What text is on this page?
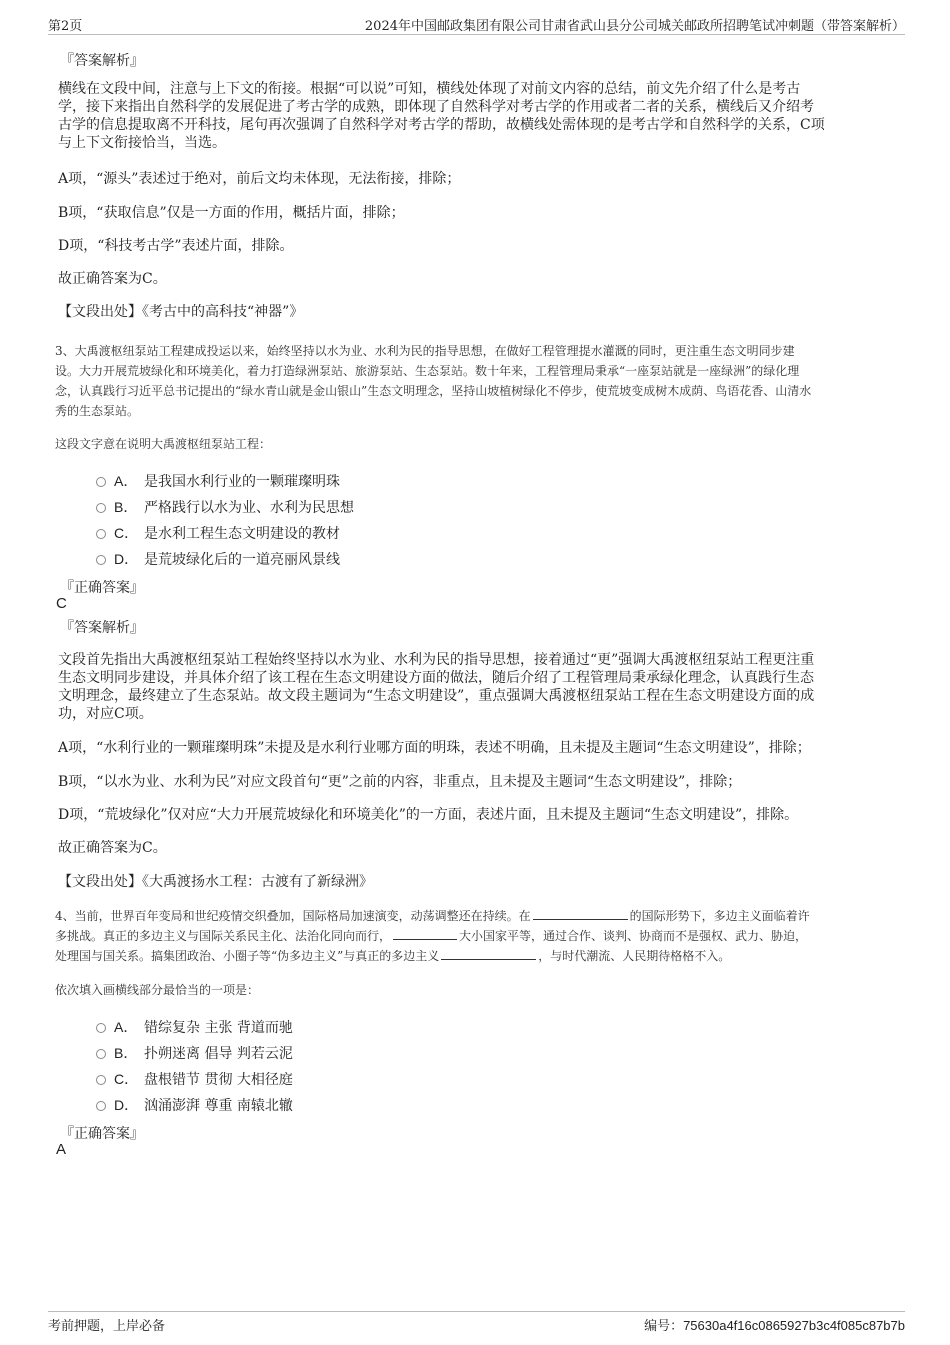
第2页	2024年中国邮政集团有限公司甘肃省武山县分公司城关邮政所招聘笔试冲刺题（带答案解析）
『答案解析』
横线在文段中间，注意与上下文的衔接。根据“可以说”可知，横线处体现了对前文内容的总结，前文先介绍了什么是考古
学，接下来指出自然科学的发展促进了考古学的成熟，即体现了自然科学对考古学的作用或者二者的关系，横线后又介绍考
古学的信息提取离不开科技，尾句再次强调了自然科学对考古学的帮助，故横线处需体现的是考古学和自然科学的关系，C项
与上下文衔接恰当，当选。
A项，“源头”表述过于绝对，前后文均未体现，无法衔接，排除；
B项，“获取信息”仅是一方面的作用，概括片面，排除；
D项，“科技考古学”表述片面，排除。
故正确答案为C。
【文段出处】《考古中的高科技“神器”》
3、大禹渡枢纽泵站工程建成投运以来，始终坚持以水为业、水利为民的指导思想，在做好工程管理提水灌溉的同时，更注重生态文明同步建
设。大力开展荒坡绿化和环境美化，着力打造绿洲泵站、旅游泵站、生态泵站。数十年来，工程管理局秉承“一座泵站就是一座绿洲”的绿化理
念，认真践行习近平总书记提出的“绿水青山就是金山银山”生态文明理念，坚持山坡植树绿化不停步，使荒坡变成树木成荫、鸟语花香、山清水
秀的生态泵站。
这段文字意在说明大禹渡枢纽泵站工程：
A． 是我国水利行业的一颗璀璨明珠
B． 严格践行以水为业、水利为民思想
C． 是水利工程生态文明建设的教材
D． 是荒坡绿化后的一道亮丽风景线
『正确答案』
C
『答案解析』
文段首先指出大禹渡枢纽泵站工程始终坚持以水为业、水利为民的指导思想，接着通过“更”强调大禹渡枢纽泵站工程更注重
生态文明同步建设，并具体介绍了该工程在生态文明建设方面的做法，随后介绍了工程管理局秉承绿化理念，认真践行生态
文明理念，最终建立了生态泵站。故文段主题词为“生态文明建设”，重点强调大禹渡枢纽泵站工程在生态文明建设方面的成
功，对应C项。
A项，“水利行业的一颗璀璨明珠”未提及是水利行业哪方面的明珠，表述不明确，且未提及主题词“生态文明建设”，排除；
B项，“以水为业、水利为民”对应文段首句“更”之前的内容，非重点，且未提及主题词“生态文明建设”，排除；
D项，“荒坡绿化”仅对应“大力开展荒坡绿化和环境美化”的一方面，表述片面，且未提及主题词“生态文明建设”，排除。
故正确答案为C。
【文段出处】《大禹渡扬水工程：古渡有了新绿洲》
4、当前，世界百年变局和世纪疫情交织叠加，国际格局加速演变，动荡调整还在持续。在	的国际形势下，多边主义面临着许
多挑战。真正的多边主义与国际关系民主化、法治化同向而行，	大小国家平等，通过合作、谈判、协商而不是强权、武力、胁迫，
处理国与国关系。搞集团政治、小圈子等“伪多边主义”与真正的多边主义	，与时代潮流、人民期待格格不入。
依次填入画横线部分最恰当的一项是：
A． 错综复杂 主张 背道而驰
B． 扑朔迷离 倡导 判若云泥
C． 盘根错节 贯彻 大相径庭
D． 汹涌澎湃 尊重 南辕北辙
『正确答案』
A
考前押题，上岸必备	编号：75630a4f16c0865927b3c4f085c87b7b
